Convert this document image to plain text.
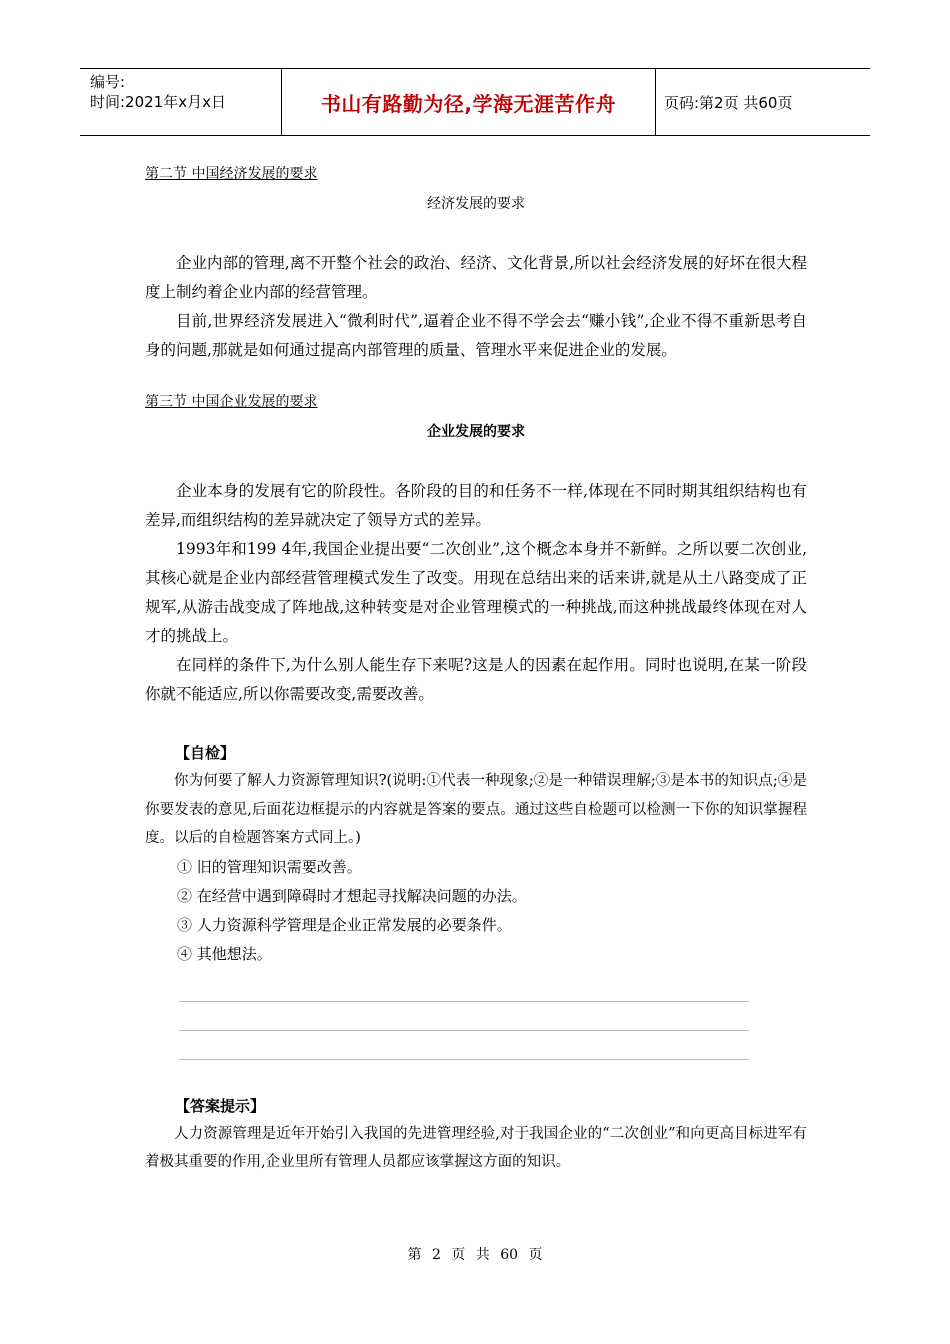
编号:
时间:2021年x月x日	书山有路勤为径,学海无涯苦作舟	页码:第2页 共60页

第二节 中国经济发展的要求

经济发展的要求

企业内部的管理,离不开整个社会的政治、经济、文化背景,所以社会经济发展的好坏在很大程度上制约着企业内部的经营管理。

目前,世界经济发展进入“微利时代”,逼着企业不得不学会去“赚小钱”,企业不得不重新思考自身的问题,那就是如何通过提高内部管理的质量、管理水平来促进企业的发展。

第三节 中国企业发展的要求

企业发展的要求

企业本身的发展有它的阶段性。各阶段的目的和任务不一样,体现在不同时期其组织结构也有差异,而组织结构的差异就决定了领导方式的差异。

1993年和199 4年,我国企业提出要“二次创业”,这个概念本身并不新鲜。之所以要二次创业,其核心就是企业内部经营管理模式发生了改变。用现在总结出来的话来讲,就是从土八路变成了正规军,从游击战变成了阵地战,这种转变是对企业管理模式的一种挑战,而这种挑战最终体现在对人才的挑战上。

在同样的条件下,为什么别人能生存下来呢?这是人的因素在起作用。同时也说明,在某一阶段你就不能适应,所以你需要改变,需要改善。

【自检】

你为何要了解人力资源管理知识?(说明:①代表一种现象;②是一种错误理解;③是本书的知识点;④是你要发表的意见,后面花边框提示的内容就是答案的要点。通过这些自检题可以检测一下你的知识掌握程度。以后的自检题答案方式同上。)

① 旧的管理知识需要改善。

② 在经营中遇到障碍时才想起寻找解决问题的办法。

③ 人力资源科学管理是企业正常发展的必要条件。

④ 其他想法。

【答案提示】

人力资源管理是近年开始引入我国的先进管理经验,对于我国企业的“二次创业”和向更高目标进军有着极其重要的作用,企业里所有管理人员都应该掌握这方面的知识。

第 2 页 共 60 页
